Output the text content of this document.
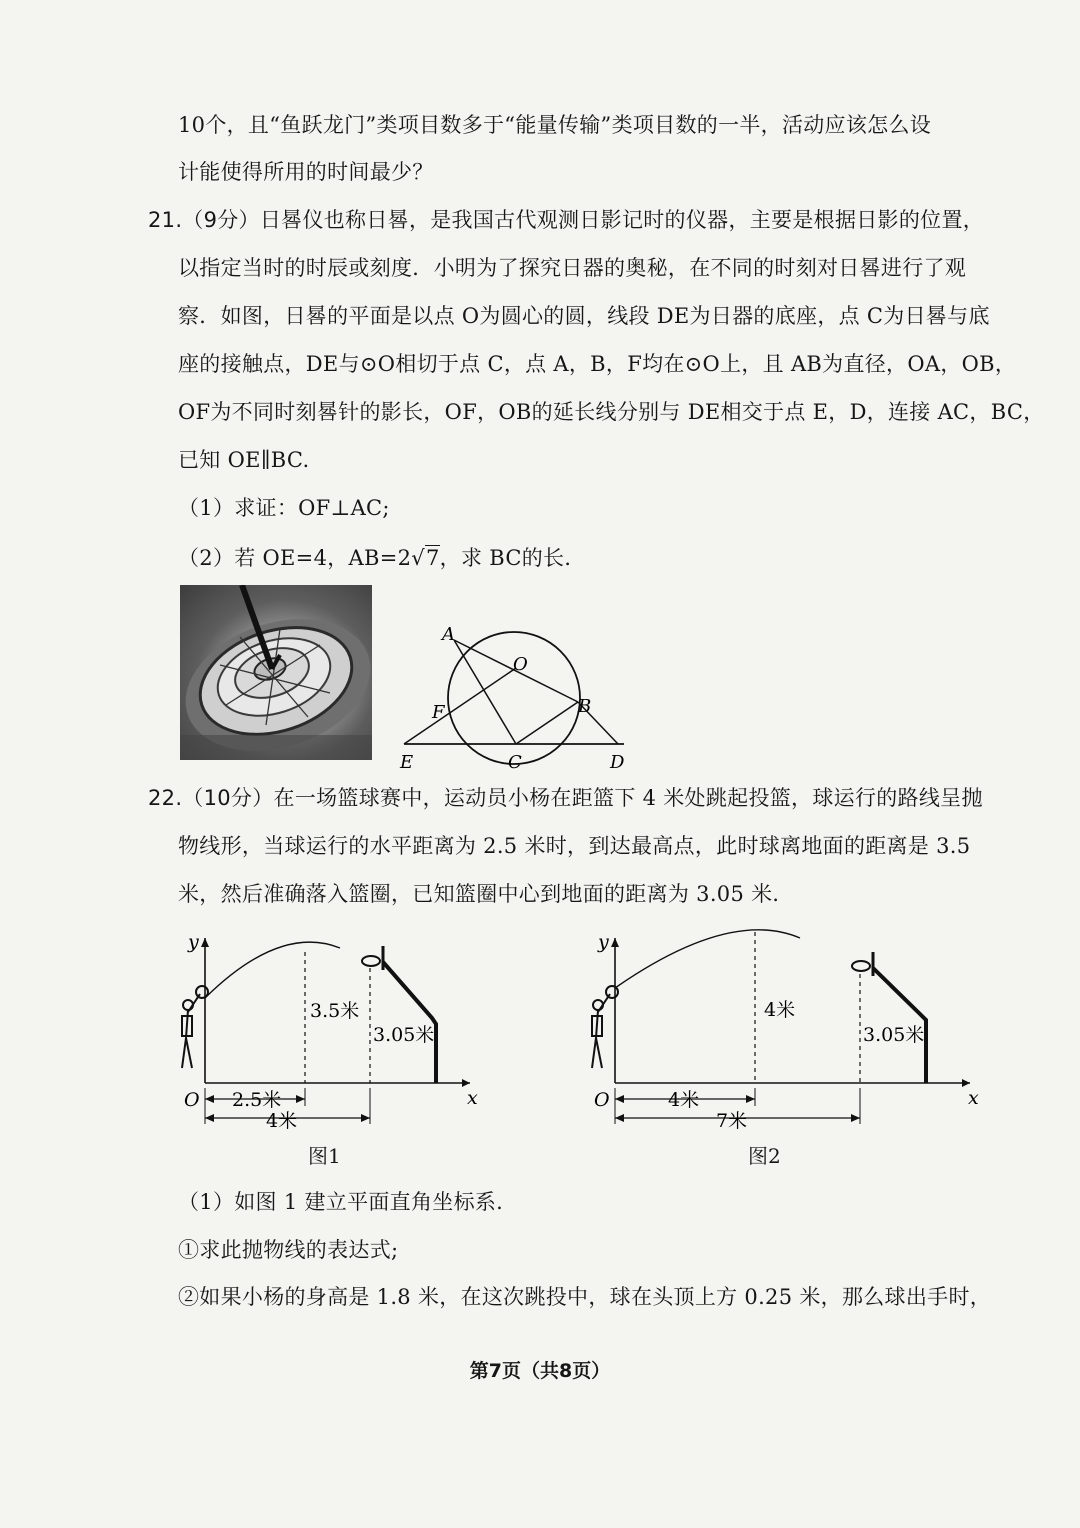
10个，且“鱼跃龙门”类项目数多于“能量传输”类项目数的一半，活动应该怎么设
计能使得所用的时间最少？
21.（9分）日晷仪也称日晷，是我国古代观测日影记时的仪器，主要是根据日影的位置，
以指定当时的时辰或刻度．小明为了探究日器的奥秘，在不同的时刻对日晷进行了观
察．如图，日晷的平面是以点 O为圆心的圆，线段 DE为日器的底座，点 C为日晷与底
座的接触点，DE与⊙O相切于点 C，点 A，B，F均在⊙O上，且 AB为直径，OA，OB，
OF为不同时刻晷针的影长，OF，OB的延长线分别与 DE相交于点 E，D，连接 AC，BC，
已知 OE∥BC.
（1）求证：OF⊥AC;
（2）若 OE=4，AB=2√7，求 BC的长．
A
O
B
F
E	C	D
22.（10分）在一场篮球赛中，运动员小杨在距篮下 4 米处跳起投篮，球运行的路线呈抛
物线形，当球运行的水平距离为 2.5 米时，到达最高点，此时球离地面的距离是 3.5
米，然后准确落入篮圈，已知篮圈中心到地面的距离为 3.05 米．
y
x
O
3.5米
3.05米
2.5米
4米
图1
y
x
O
4米
3.05米
4米
7米
图2
（1）如图 1 建立平面直角坐标系.
①求此抛物线的表达式;
②如果小杨的身高是 1.8 米，在这次跳投中，球在头顶上方 0.25 米，那么球出手时，
第7页（共8页）
